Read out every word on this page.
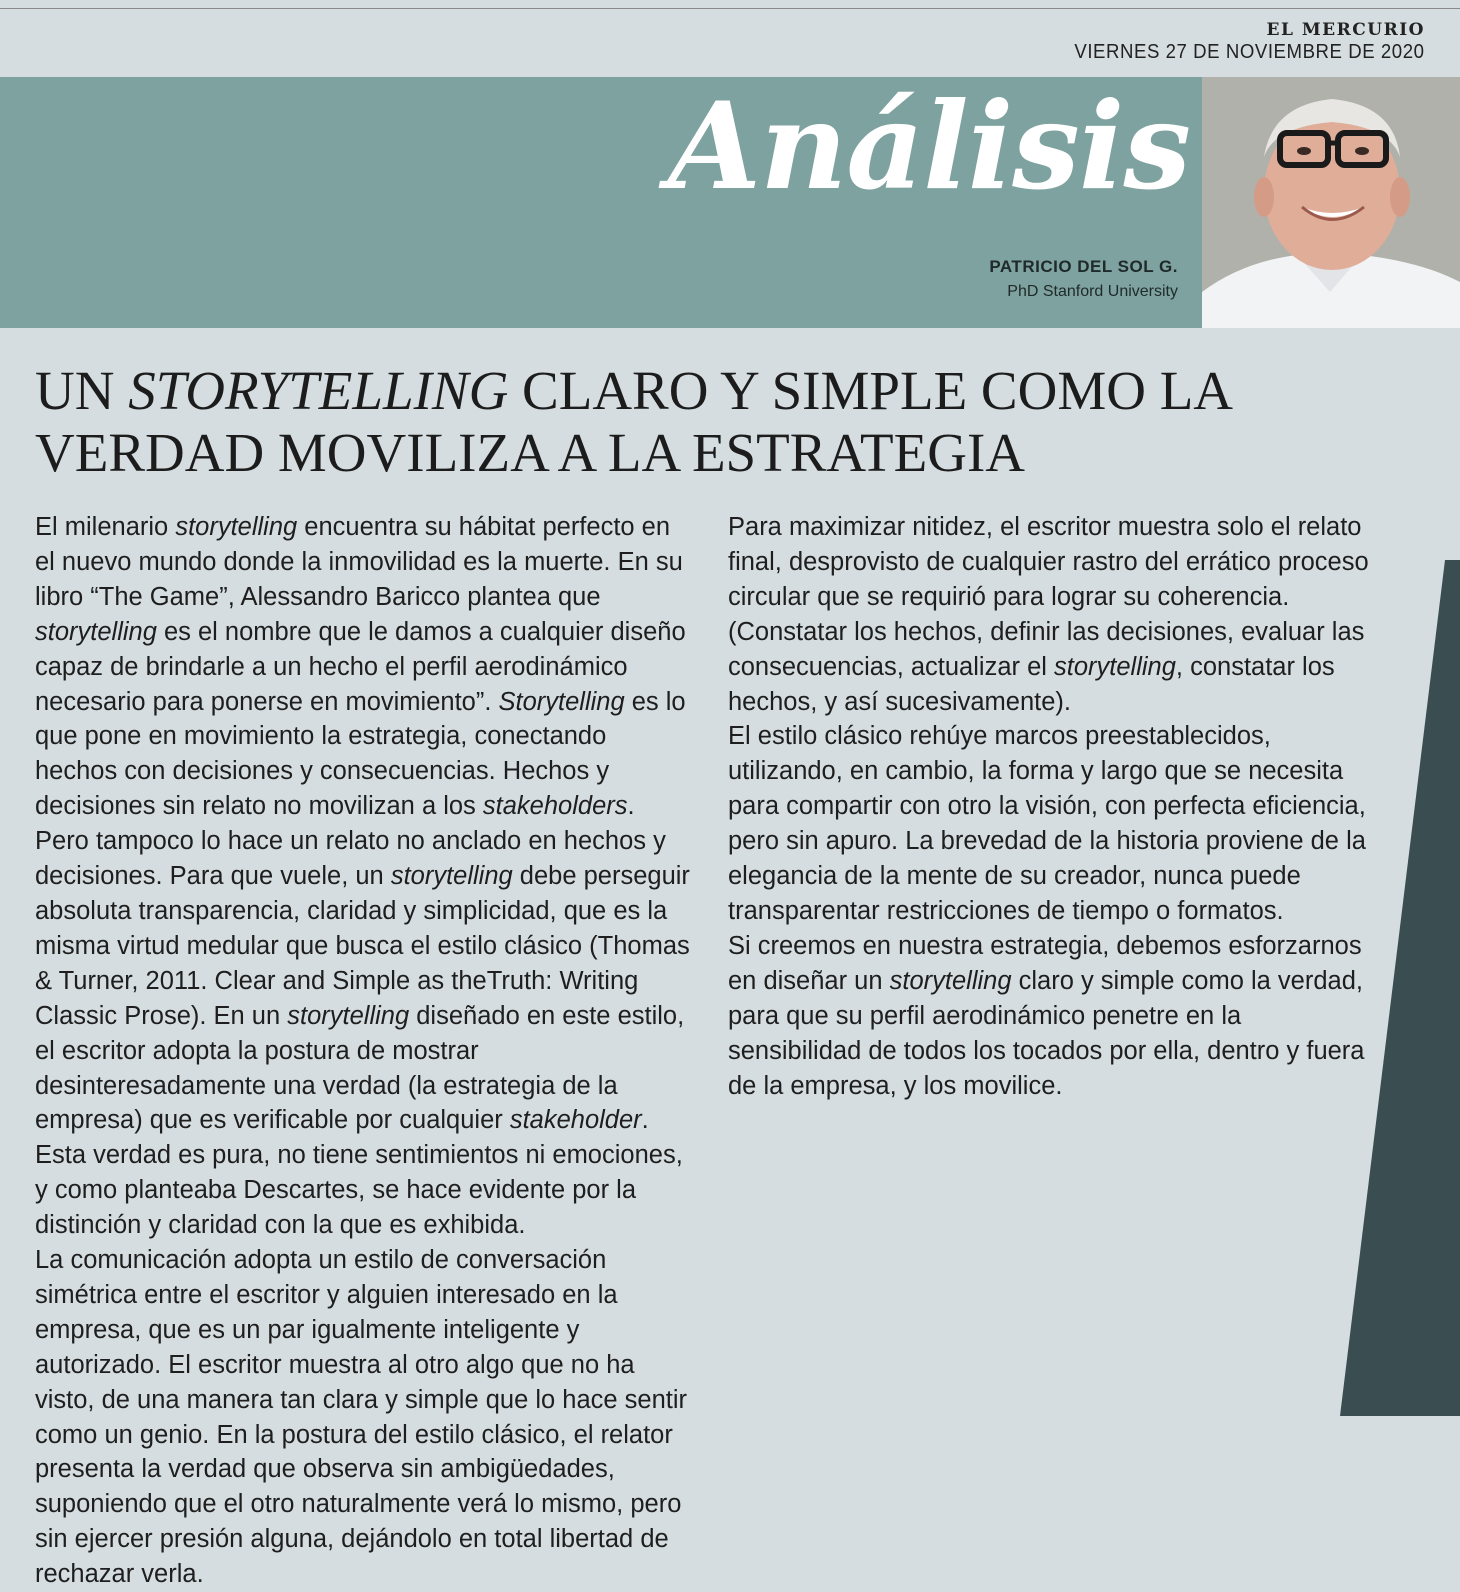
EL MERCURIO
VIERNES 27 DE NOVIEMBRE DE 2020
Análisis
PATRICIO DEL SOL G.
PhD Stanford University
UN STORYTELLING CLARO Y SIMPLE COMO LA VERDAD MOVILIZA A LA ESTRATEGIA

El milenario storytelling encuentra su hábitat perfecto en el nuevo mundo donde la inmovilidad es la muerte. En su libro “The Game”, Alessandro Baricco plantea que storytelling es el nombre que le damos a cualquier diseño capaz de brindarle a un hecho el perfil aerodinámico necesario para ponerse en movimiento”. Storytelling es lo que pone en movimiento la estrategia, conectando hechos con decisiones y consecuencias. Hechos y decisiones sin relato no movilizan a los stakeholders. Pero tampoco lo hace un relato no anclado en hechos y decisiones. Para que vuele, un storytelling debe perseguir absoluta transparencia, claridad y simplicidad, que es la misma virtud medular que busca el estilo clásico (Thomas & Turner, 2011. Clear and Simple as theTruth: Writing Classic Prose). En un storytelling diseñado en este estilo, el escritor adopta la postura de mostrar desinteresadamente una verdad (la estrategia de la empresa) que es verificable por cualquier stakeholder. Esta verdad es pura, no tiene sentimientos ni emociones, y como planteaba Descartes, se hace evidente por la distinción y claridad con la que es exhibida.

La comunicación adopta un estilo de conversación simétrica entre el escritor y alguien interesado en la empresa, que es un par igualmente inteligente y autorizado. El escritor muestra al otro algo que no ha visto, de una manera tan clara y simple que lo hace sentir como un genio. En la postura del estilo clásico, el relator presenta la verdad que observa sin ambigüedades, suponiendo que el otro naturalmente verá lo mismo, pero sin ejercer presión alguna, dejándolo en total libertad de rechazar verla.

Para maximizar nitidez, el escritor muestra solo el relato final, desprovisto de cualquier rastro del errático proceso circular que se requirió para lograr su coherencia. (Constatar los hechos, definir las decisiones, evaluar las consecuencias, actualizar el storytelling, constatar los hechos, y así sucesivamente).

El estilo clásico rehúye marcos preestablecidos, utilizando, en cambio, la forma y largo que se necesita para compartir con otro la visión, con perfecta eficiencia, pero sin apuro. La brevedad de la historia proviene de la elegancia de la mente de su creador, nunca puede transparentar restricciones de tiempo o formatos.

Si creemos en nuestra estrategia, debemos esforzarnos en diseñar un storytelling claro y simple como la verdad, para que su perfil aerodinámico penetre en la sensibilidad de todos los tocados por ella, dentro y fuera de la empresa, y los movilice.
